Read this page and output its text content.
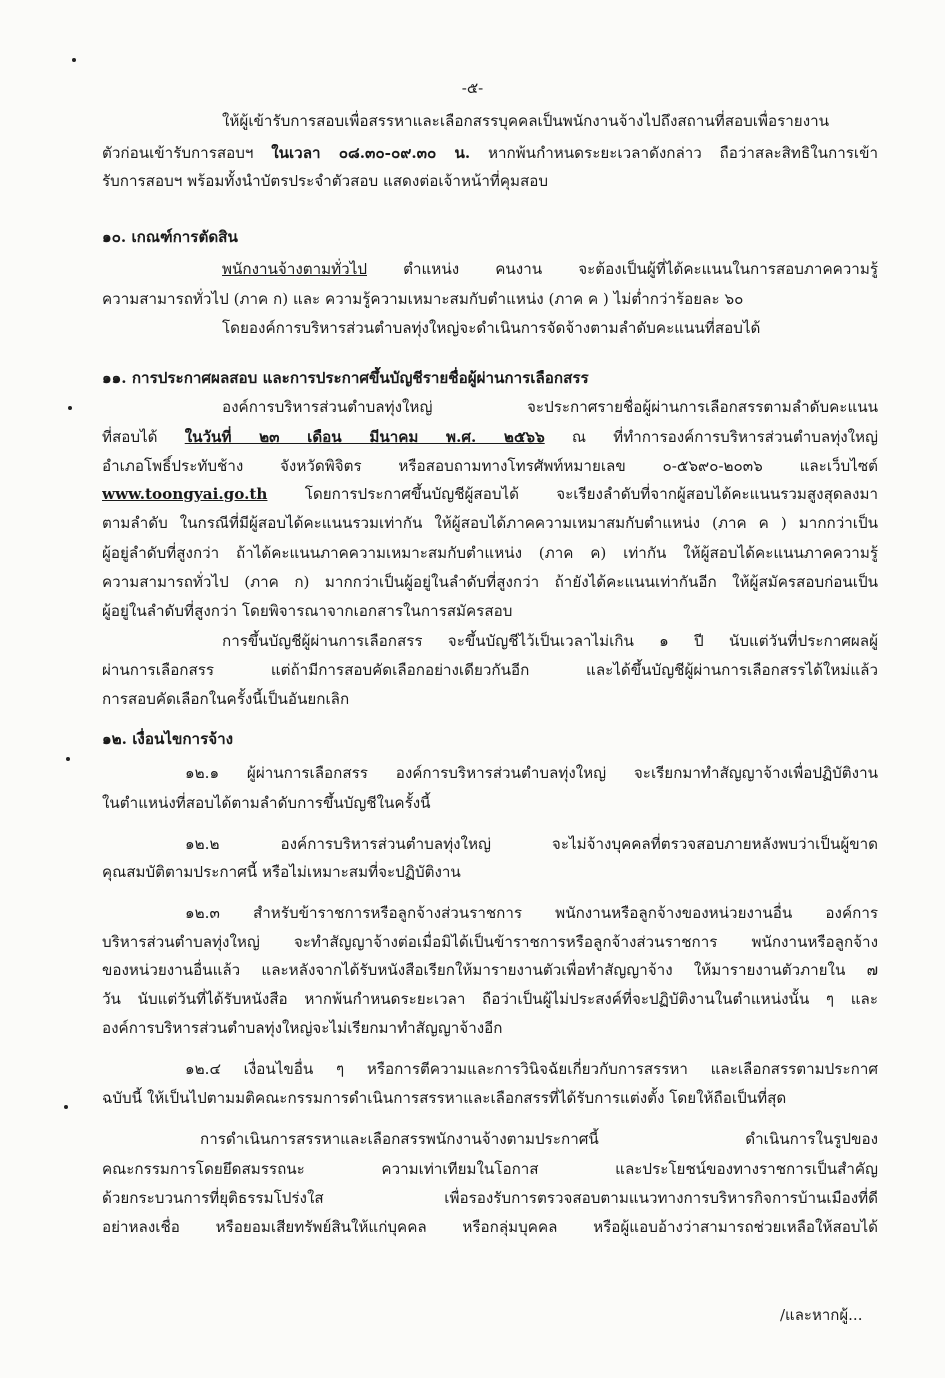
-๕-
ให้ผู้เข้ารับการสอบเพื่อสรรหาและเลือกสรรบุคคลเป็นพนักงานจ้างไปถึงสถานที่สอบเพื่อรายงาน
ตัวก่อนเข้ารับการสอบฯ ในเวลา ๐๘.๓๐-๐๙.๓๐ น. หากพ้นกำหนดระยะเวลาดังกล่าว ถือว่าสละสิทธิในการเข้า
รับการสอบฯ พร้อมทั้งนำบัตรประจำตัวสอบ แสดงต่อเจ้าหน้าที่คุมสอบ
๑๐. เกณฑ์การตัดสิน
พนักงานจ้างตามทั่วไป ตำแหน่ง คนงาน จะต้องเป็นผู้ที่ได้คะแนนในการสอบภาคความรู้
ความสามารถทั่วไป (ภาค ก) และ ความรู้ความเหมาะสมกับตำแหน่ง (ภาค ค ) ไม่ต่ำกว่าร้อยละ ๖๐
โดยองค์การบริหารส่วนตำบลทุ่งใหญ่จะดำเนินการจัดจ้างตามลำดับคะแนนที่สอบได้
๑๑. การประกาศผลสอบ และการประกาศขึ้นบัญชีรายชื่อผู้ผ่านการเลือกสรร
องค์การบริหารส่วนตำบลทุ่งใหญ่ จะประกาศรายชื่อผู้ผ่านการเลือกสรรตามลำดับคะแนน
ที่สอบได้ ในวันที่ ๒๓ เดือน มีนาคม พ.ศ. ๒๕๖๖ ณ ที่ทำการองค์การบริหารส่วนตำบลทุ่งใหญ่
อำเภอโพธิ์ประทับช้าง จังหวัดพิจิตร หรือสอบถามทางโทรศัพท์หมายเลข ๐-๕๖๙๐-๒๐๓๖ และเว็บไซต์
www.toongyai.go.th โดยการประกาศขึ้นบัญชีผู้สอบได้ จะเรียงลำดับที่จากผู้สอบได้คะแนนรวมสูงสุดลงมา
ตามลำดับ ในกรณีที่มีผู้สอบได้คะแนนรวมเท่ากัน ให้ผู้สอบได้ภาคความเหมาสมกับตำแหน่ง (ภาค ค ) มากกว่าเป็น
ผู้อยู่ลำดับที่สูงกว่า ถ้าได้คะแนนภาคความเหมาะสมกับตำแหน่ง (ภาค ค) เท่ากัน ให้ผู้สอบได้คะแนนภาคความรู้
ความสามารถทั่วไป (ภาค ก) มากกว่าเป็นผู้อยู่ในลำดับที่สูงกว่า ถ้ายังได้คะแนนเท่ากันอีก ให้ผู้สมัครสอบก่อนเป็น
ผู้อยู่ในลำดับที่สูงกว่า โดยพิจารณาจากเอกสารในการสมัครสอบ
การขึ้นบัญชีผู้ผ่านการเลือกสรร จะขึ้นบัญชีไว้เป็นเวลาไม่เกิน ๑ ปี นับแต่วันที่ประกาศผลผู้
ผ่านการเลือกสรร แต่ถ้ามีการสอบคัดเลือกอย่างเดียวกันอีก และได้ขึ้นบัญชีผู้ผ่านการเลือกสรรได้ใหม่แล้ว
การสอบคัดเลือกในครั้งนี้เป็นอันยกเลิก
๑๒. เงื่อนไขการจ้าง
๑๒.๑ ผู้ผ่านการเลือกสรร องค์การบริหารส่วนตำบลทุ่งใหญ่ จะเรียกมาทำสัญญาจ้างเพื่อปฏิบัติงาน
ในตำแหน่งที่สอบได้ตามลำดับการขึ้นบัญชีในครั้งนี้
๑๒.๒ องค์การบริหารส่วนตำบลทุ่งใหญ่ จะไม่จ้างบุคคลที่ตรวจสอบภายหลังพบว่าเป็นผู้ขาด
คุณสมบัติตามประกาศนี้ หรือไม่เหมาะสมที่จะปฏิบัติงาน
๑๒.๓ สำหรับข้าราชการหรือลูกจ้างส่วนราชการ พนักงานหรือลูกจ้างของหน่วยงานอื่น องค์การ
บริหารส่วนตำบลทุ่งใหญ่ จะทำสัญญาจ้างต่อเมื่อมิได้เป็นข้าราชการหรือลูกจ้างส่วนราชการ พนักงานหรือลูกจ้าง
ของหน่วยงานอื่นแล้ว และหลังจากได้รับหนังสือเรียกให้มารายงานตัวเพื่อทำสัญญาจ้าง ให้มารายงานตัวภายใน ๗
วัน นับแต่วันที่ได้รับหนังสือ หากพ้นกำหนดระยะเวลา ถือว่าเป็นผู้ไม่ประสงค์ที่จะปฏิบัติงานในตำแหน่งนั้น ๆ และ
องค์การบริหารส่วนตำบลทุ่งใหญ่จะไม่เรียกมาทำสัญญาจ้างอีก
๑๒.๔ เงื่อนไขอื่น ๆ หรือการตีความและการวินิจฉัยเกี่ยวกับการสรรหา และเลือกสรรตามประกาศ
ฉบับนี้ ให้เป็นไปตามมติคณะกรรมการดำเนินการสรรหาและเลือกสรรที่ได้รับการแต่งตั้ง โดยให้ถือเป็นที่สุด
การดำเนินการสรรหาและเลือกสรรพนักงานจ้างตามประกาศนี้ ดำเนินการในรูปของ
คณะกรรมการโดยยึดสมรรถนะ ความเท่าเทียมในโอกาส และประโยชน์ของทางราชการเป็นสำคัญ
ด้วยกระบวนการที่ยุติธรรมโปร่งใส เพื่อรองรับการตรวจสอบตามแนวทางการบริหารกิจการบ้านเมืองที่ดี
อย่าหลงเชื่อ หรือยอมเสียทรัพย์สินให้แก่บุคคล หรือกลุ่มบุคคล หรือผู้แอบอ้างว่าสามารถช่วยเหลือให้สอบได้
/และหากผู้...
